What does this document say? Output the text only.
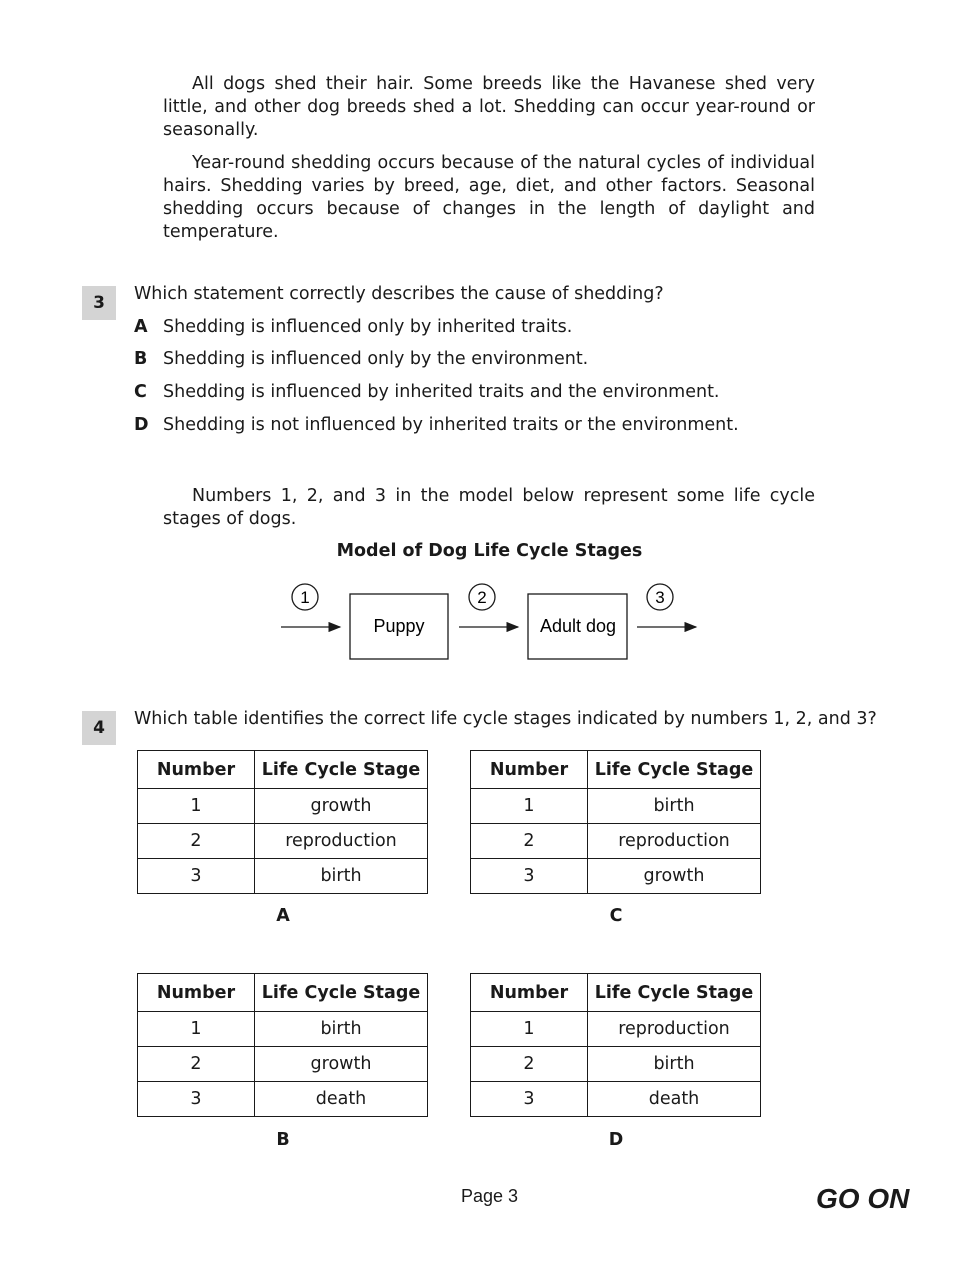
All dogs shed their hair. Some breeds like the Havanese shed very little, and other dog breeds shed a lot. Shedding can occur year-round or seasonally.

Year-round shedding occurs because of the natural cycles of individual hairs. Shedding varies by breed, age, diet, and other factors. Seasonal shedding occurs because of changes in the length of daylight and temperature.

3	Which statement correctly describes the cause of shedding?

A Shedding is influenced only by inherited traits.
B Shedding is influenced only by the environment.
C Shedding is influenced by inherited traits and the environment.
D Shedding is not influenced by inherited traits or the environment.

Numbers 1, 2, and 3 in the model below represent some life cycle stages of dogs.

Model of Dog Life Cycle Stages
1
Puppy
2
Adult dog
3
4	Which table identifies the correct life cycle stages indicated by numbers 1, 2, and 3?

Number	Life Cycle Stage
1	growth
2	reproduction
3	birth
A
Number	Life Cycle Stage
1	birth
2	reproduction
3	growth
C
Number	Life Cycle Stage
1	birth
2	growth
3	death
B
Number	Life Cycle Stage
1	reproduction
2	birth
3	death
D
Page 3	GO ON
